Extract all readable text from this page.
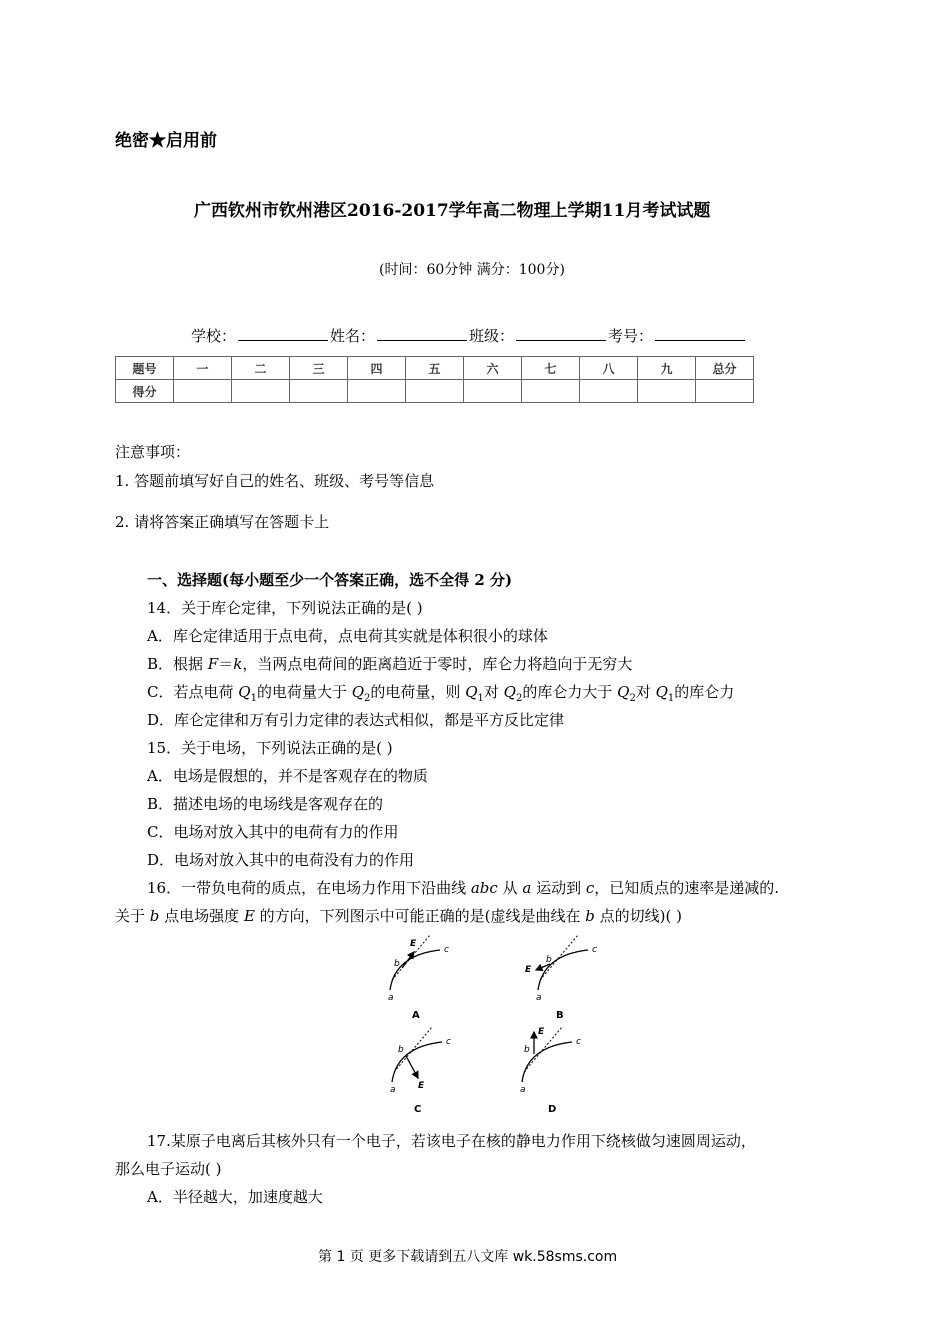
绝密★启用前
广西钦州市钦州港区2016-2017学年高二物理上学期11月考试试题
(时间：60分钟 满分：100分)
学校：	姓名：	班级：	考号：
题号	一	二	三	四	五	六	七	八	九	总分
得分										
注意事项：
1. 答题前填写好自己的姓名、班级、考号等信息
2. 请将答案正确填写在答题卡上
一、选择题(每小题至少一个答案正确，选不全得 2 分)
14．关于库仑定律，下列说法正确的是( )
A．库仑定律适用于点电荷，点电荷其实就是体积很小的球体
B．根据 F＝k，当两点电荷间的距离趋近于零时，库仑力将趋向于无穷大
C．若点电荷 $Q_1$的电荷量大于 $Q_2$的电荷量，则 $Q_1$对 $Q_2$的库仑力大于 $Q_2$对 $Q_1$的库仑力
D．库仑定律和万有引力定律的表达式相似，都是平方反比定律
15．关于电场，下列说法正确的是( )
A．电场是假想的，并不是客观存在的物质
B．描述电场的电场线是客观存在的
C．电场对放入其中的电荷有力的作用
D．电场对放入其中的电荷没有力的作用
16．一带负电荷的质点，在电场力作用下沿曲线 abc 从 a 运动到 c，已知质点的速率是递减的.
关于 b 点电场强度 E 的方向，下列图示中可能正确的是(虚线是曲线在 b 点的切线)( )
a
b
c
E
A
a
b
c
E
B
a
b
c
E
C
a
b
c
E
D
17.某原子电离后其核外只有一个电子，若该电子在核的静电力作用下绕核做匀速圆周运动，
那么电子运动( )
A．半径越大，加速度越大
第 1 页 更多下载请到五八文库 wk.58sms.com
